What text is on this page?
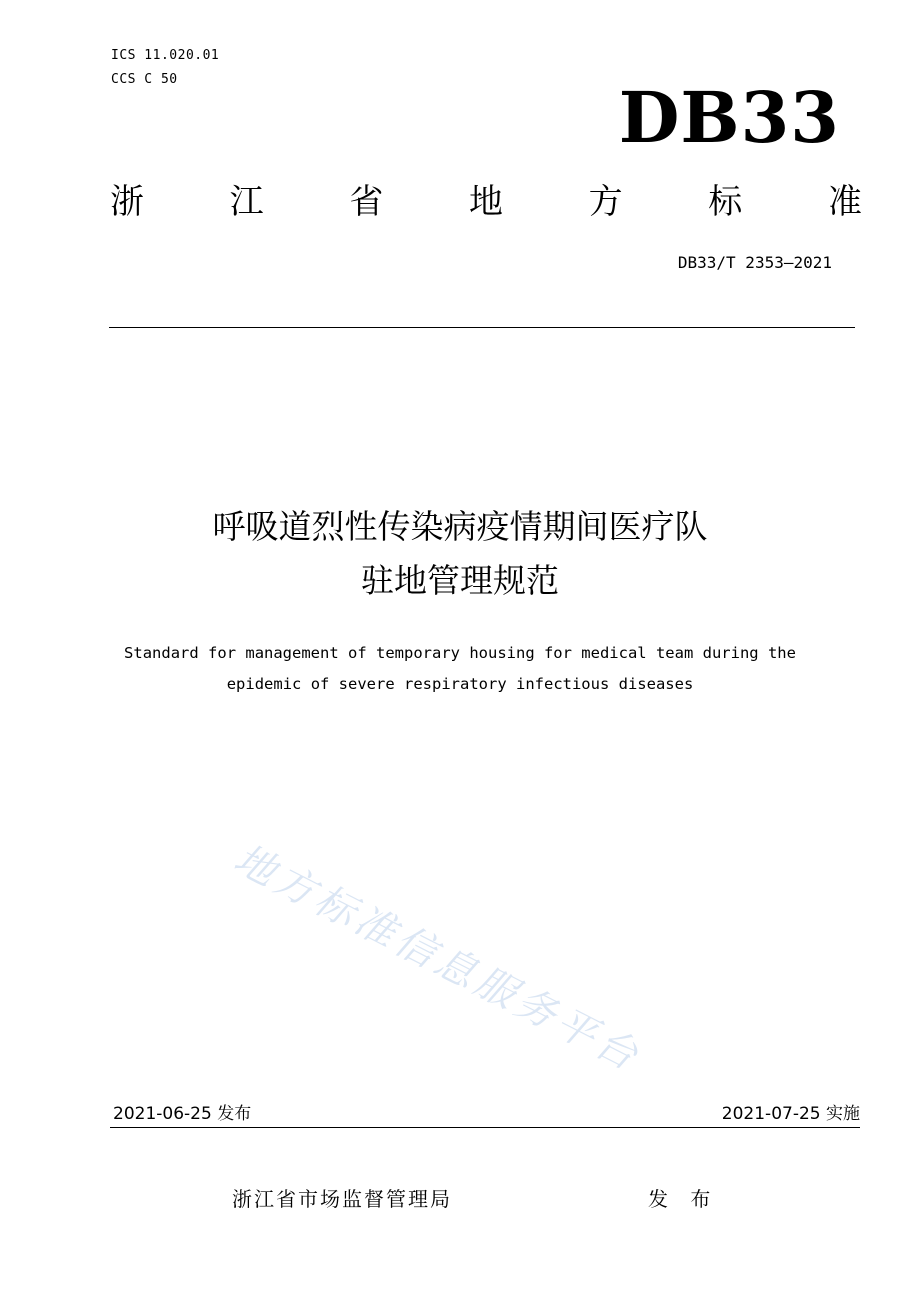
ICS 11.020.01
CCS C 50	DB33
浙	江	省	地	方	标	准
DB33/T 2353—2021
呼吸道烈性传染病疫情期间医疗队
驻地管理规范
Standard for management of temporary housing for medical team during the
epidemic of severe respiratory infectious diseases
地方标准信息服务平台
2021-06-25 发布	2021-07-25 实施
浙江省市场监督管理局	发 布
